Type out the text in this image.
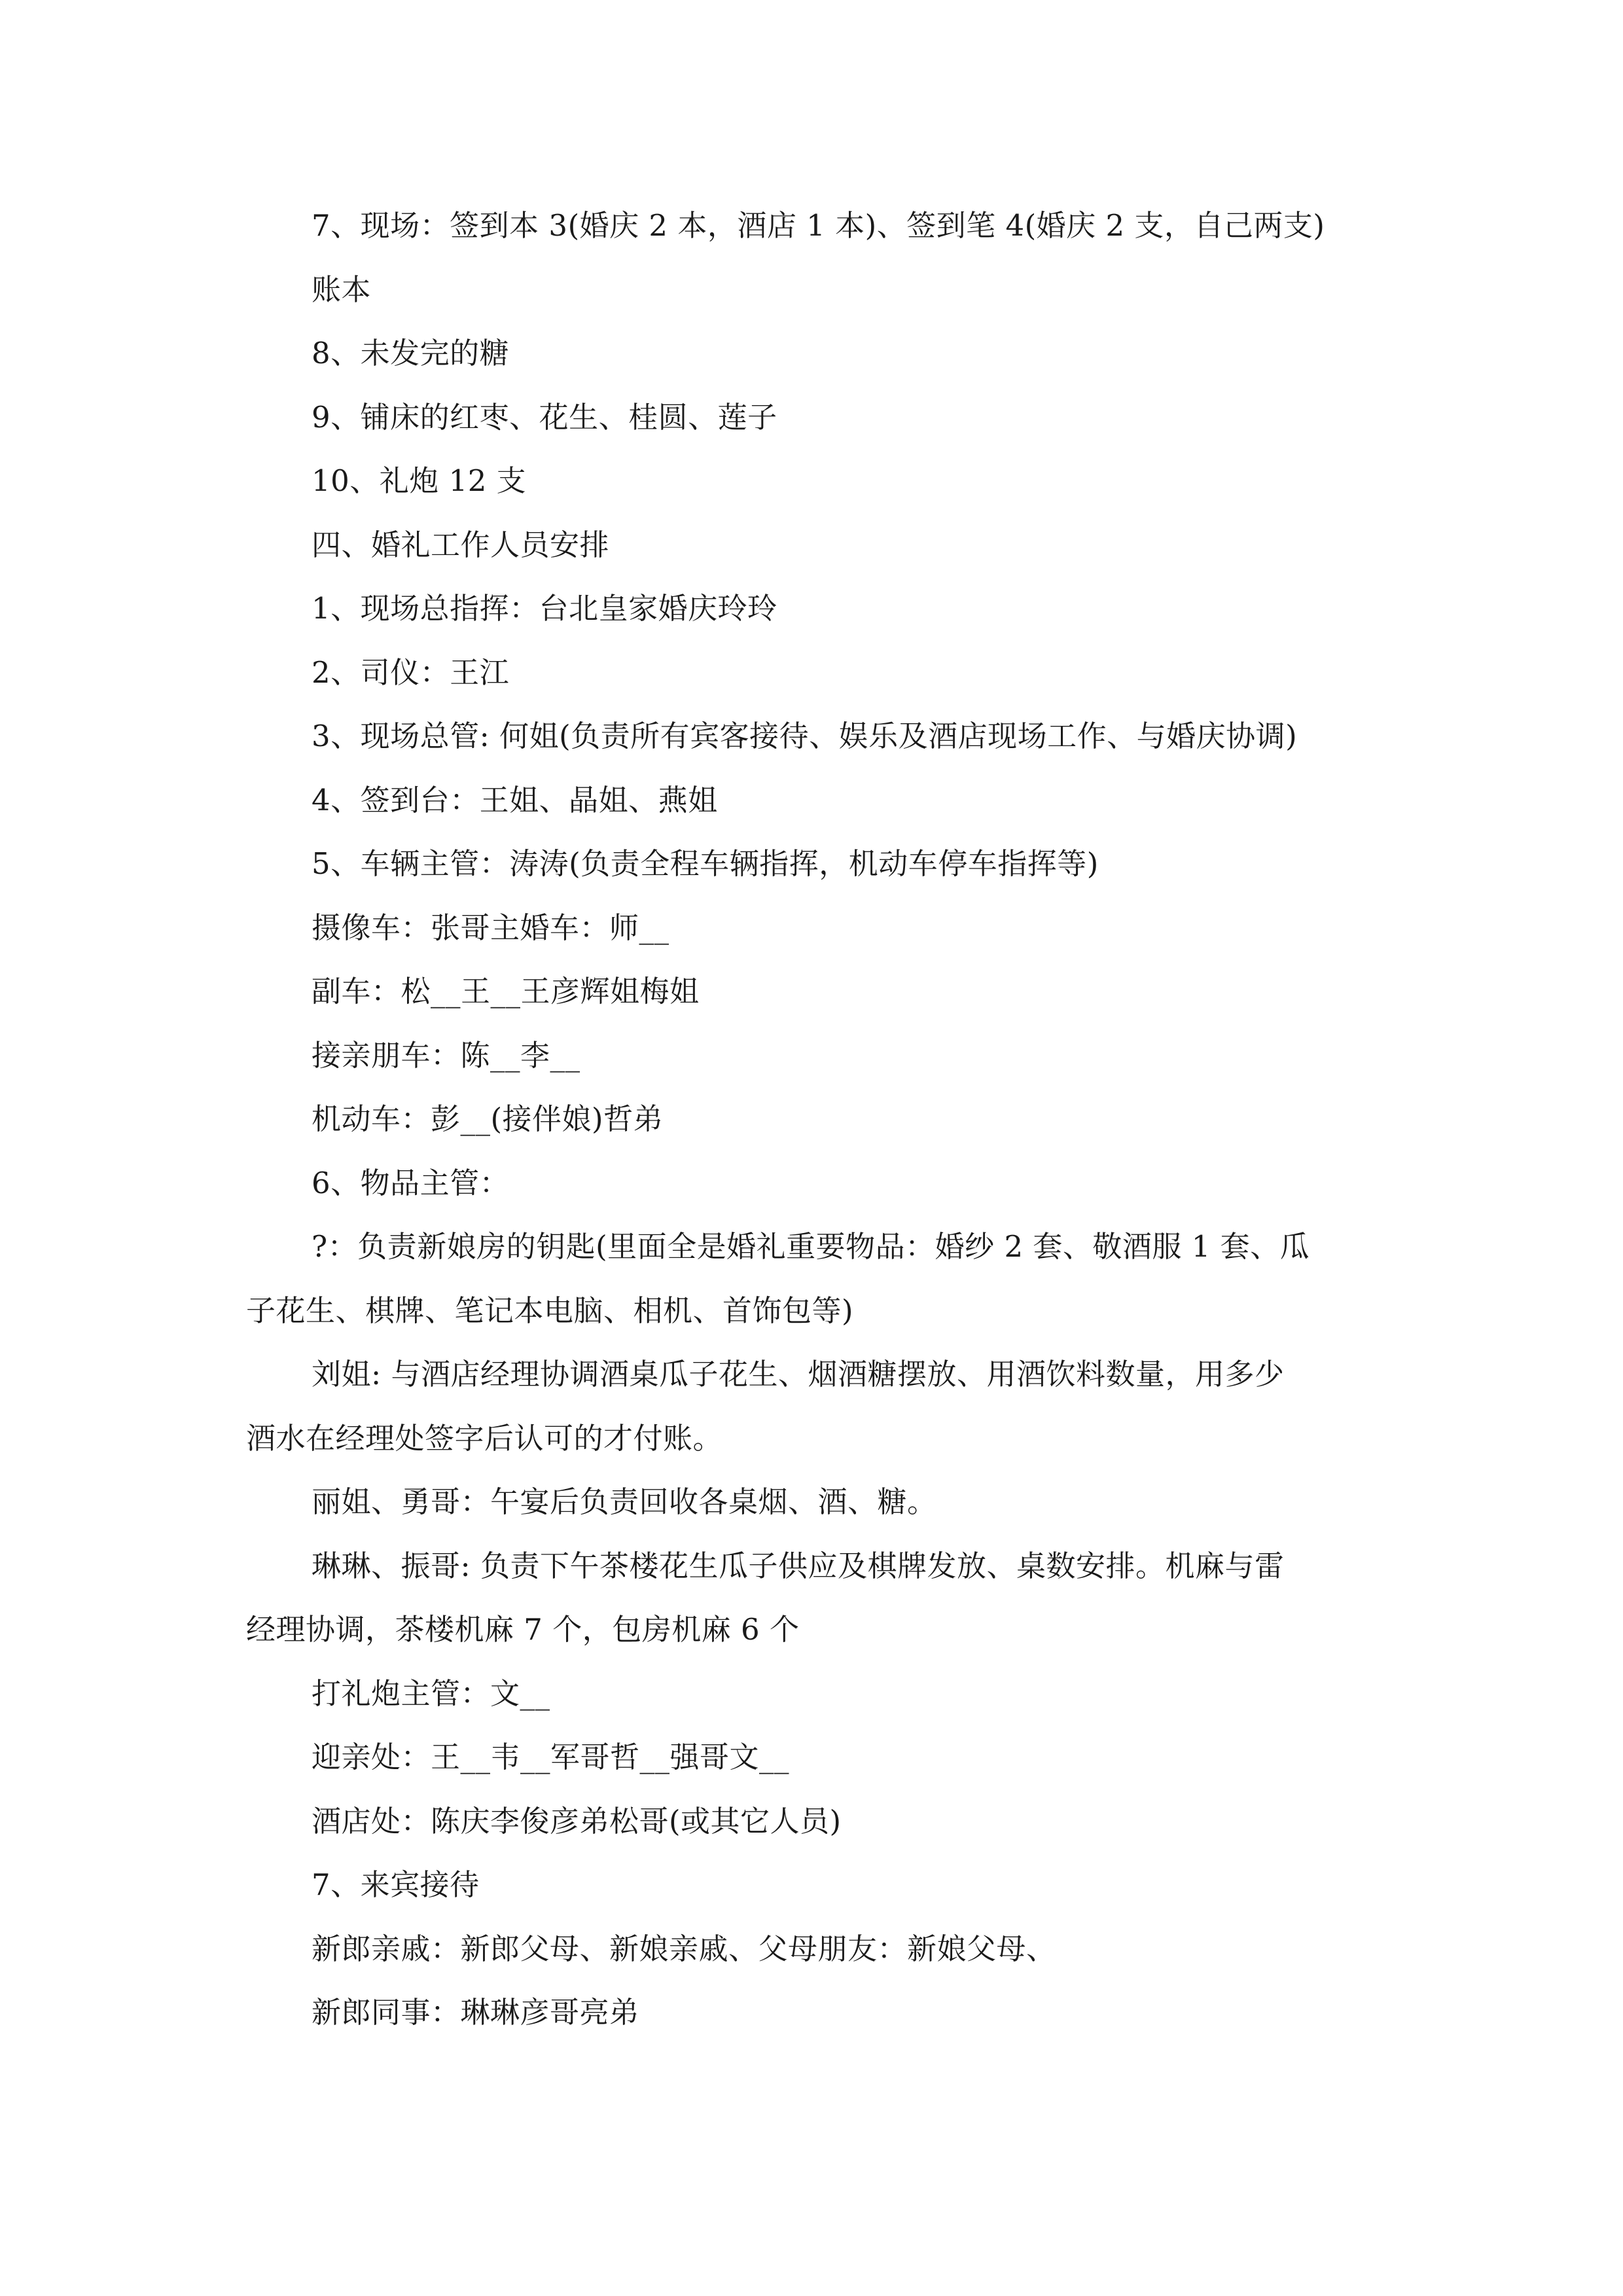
7、现场：签到本 3(婚庆 2 本，酒店 1 本)、签到笔 4(婚庆 2 支，自己两支)
账本
8、未发完的糖
9、铺床的红枣、花生、桂圆、莲子
10、礼炮 12 支
四、婚礼工作人员安排
1、现场总指挥：台北皇家婚庆玲玲
2、司仪：王江
3、现场总管: 何姐(负责所有宾客接待、娱乐及酒店现场工作、与婚庆协调)
4、签到台：王姐、晶姐、燕姐
5、车辆主管：涛涛(负责全程车辆指挥，机动车停车指挥等)
摄像车：张哥主婚车：师__
副车：松__王__王彦辉姐梅姐
接亲朋车：陈__李__
机动车：彭__(接伴娘)哲弟
6、物品主管：
?：负责新娘房的钥匙(里面全是婚礼重要物品：婚纱 2 套、敬酒服 1 套、瓜
子花生、棋牌、笔记本电脑、相机、首饰包等)
刘姐: 与酒店经理协调酒桌瓜子花生、烟酒糖摆放、用酒饮料数量，用多少
酒水在经理处签字后认可的才付账。
丽姐、勇哥：午宴后负责回收各桌烟、酒、糖。
琳琳、振哥: 负责下午茶楼花生瓜子供应及棋牌发放、桌数安排。机麻与雷
经理协调，茶楼机麻 7 个，包房机麻 6 个
打礼炮主管：文__
迎亲处：王__韦__军哥哲__强哥文__
酒店处：陈庆李俊彦弟松哥(或其它人员)
7、来宾接待
新郎亲戚：新郎父母、新娘亲戚、父母朋友：新娘父母、
新郎同事：琳琳彦哥亮弟
